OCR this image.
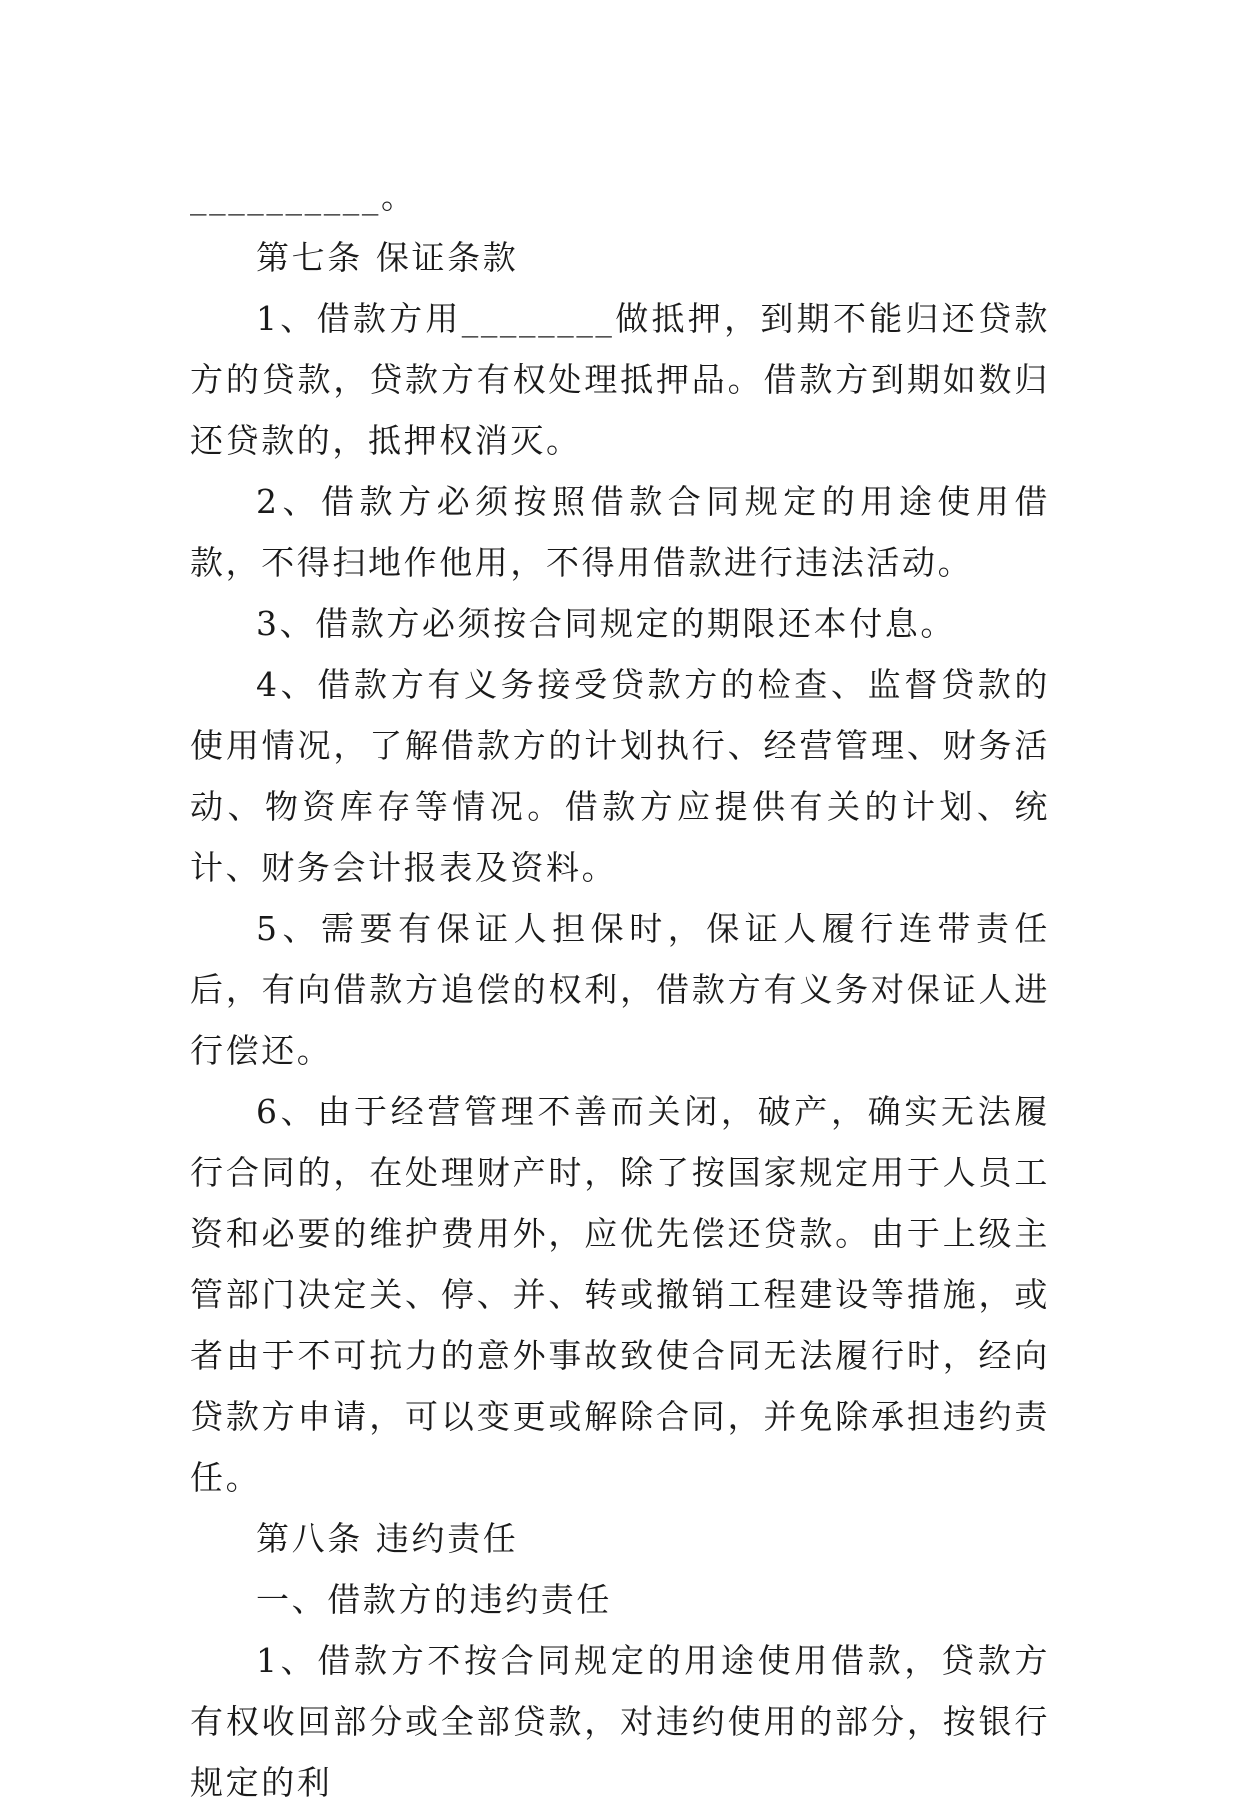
__________。

第七条 保证条款

1、借款方用________做抵押，到期不能归还贷款方的贷款，贷款方有权处理抵押品。借款方到期如数归还贷款的，抵押权消灭。

2、借款方必须按照借款合同规定的用途使用借款，不得扫地作他用，不得用借款进行违法活动。

3、借款方必须按合同规定的期限还本付息。

4、借款方有义务接受贷款方的检查、监督贷款的使用情况，了解借款方的计划执行、经营管理、财务活动、物资库存等情况。借款方应提供有关的计划、统计、财务会计报表及资料。

5、需要有保证人担保时，保证人履行连带责任后，有向借款方追偿的权利，借款方有义务对保证人进行偿还。

6、由于经营管理不善而关闭，破产，确实无法履行合同的，在处理财产时，除了按国家规定用于人员工资和必要的维护费用外，应优先偿还贷款。由于上级主管部门决定关、停、并、转或撤销工程建设等措施，或者由于不可抗力的意外事故致使合同无法履行时，经向贷款方申请，可以变更或解除合同，并免除承担违约责任。

第八条 违约责任

一、借款方的违约责任

1、借款方不按合同规定的用途使用借款，贷款方有权收回部分或全部贷款，对违约使用的部分，按银行规定的利
